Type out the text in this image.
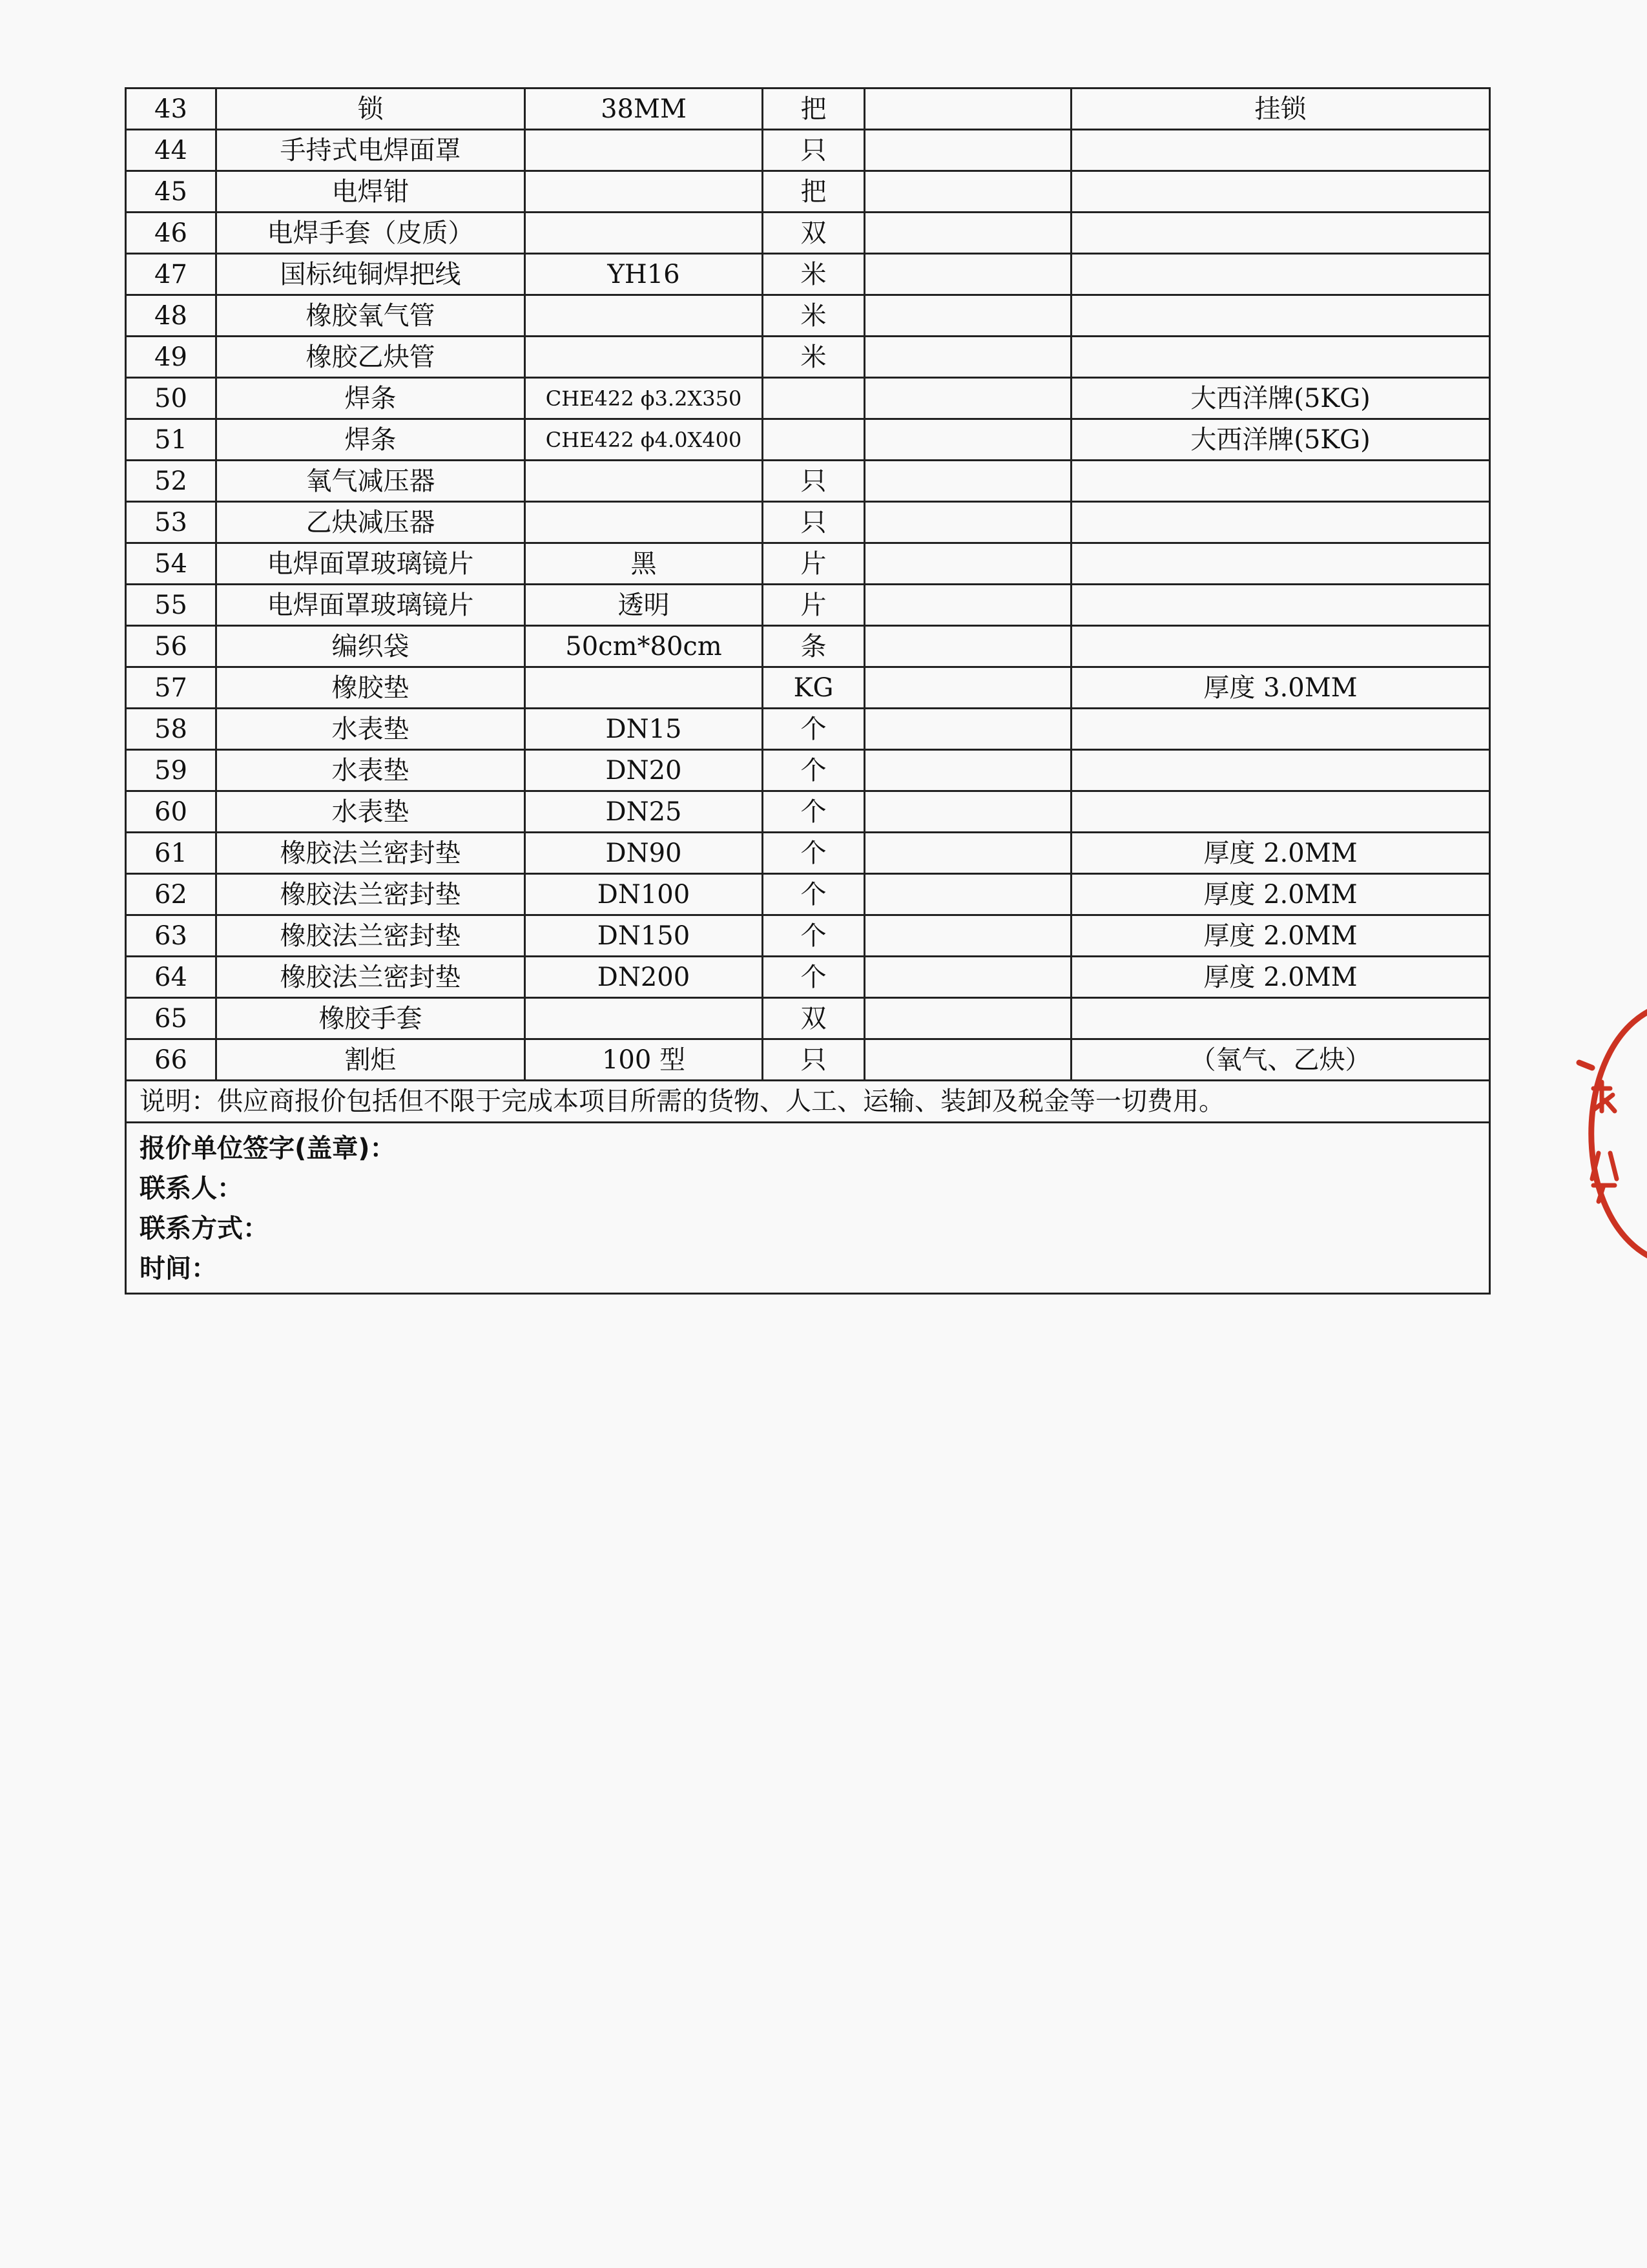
43	锁	38MM	把		挂锁
44	手持式电焊面罩		只		
45	电焊钳		把		
46	电焊手套（皮质）		双		
47	国标纯铜焊把线	YH16	米		
48	橡胶氧气管		米		
49	橡胶乙炔管		米		
50	焊条	CHE422 ϕ3.2X350			大西洋牌(5KG)
51	焊条	CHE422 ϕ4.0X400			大西洋牌(5KG)
52	氧气减压器		只		
53	乙炔减压器		只		
54	电焊面罩玻璃镜片	黑	片		
55	电焊面罩玻璃镜片	透明	片		
56	编织袋	50cm*80cm	条		
57	橡胶垫		KG		厚度 3.0MM
58	水表垫	DN15	个		
59	水表垫	DN20	个		
60	水表垫	DN25	个		
61	橡胶法兰密封垫	DN90	个		厚度 2.0MM
62	橡胶法兰密封垫	DN100	个		厚度 2.0MM
63	橡胶法兰密封垫	DN150	个		厚度 2.0MM
64	橡胶法兰密封垫	DN200	个		厚度 2.0MM
65	橡胶手套		双		
66	割炬	100 型	只		（氧气、乙炔）
说明：供应商报价包括但不限于完成本项目所需的货物、人工、运输、装卸及税金等一切费用。					

报价单位签字(盖章)：
联系人：
联系方式：
时间：					
